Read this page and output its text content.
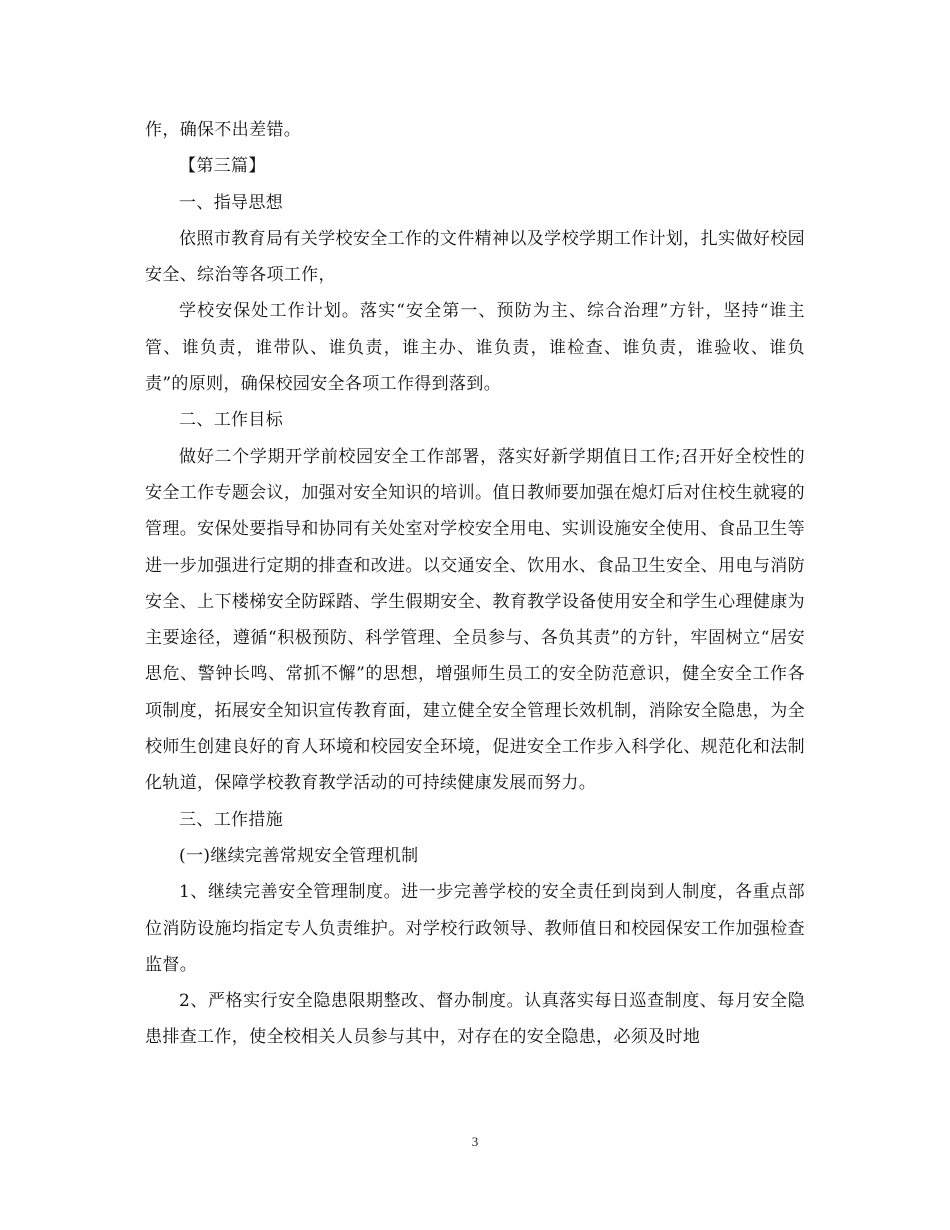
作，确保不出差错。

【第三篇】

一、指导思想

依照市教育局有关学校安全工作的文件精神以及学校学期工作计划，扎实做好校园安全、综治等各项工作，

学校安保处工作计划。落实“安全第一、预防为主、综合治理”方针，坚持“谁主管、谁负责，谁带队、谁负责，谁主办、谁负责，谁检查、谁负责，谁验收、谁负责”的原则，确保校园安全各项工作得到落到。

二、工作目标

做好二个学期开学前校园安全工作部署，落实好新学期值日工作;召开好全校性的安全工作专题会议，加强对安全知识的培训。值日教师要加强在熄灯后对住校生就寝的管理。安保处要指导和协同有关处室对学校安全用电、实训设施安全使用、食品卫生等进一步加强进行定期的排查和改进。以交通安全、饮用水、食品卫生安全、用电与消防安全、上下楼梯安全防踩踏、学生假期安全、教育教学设备使用安全和学生心理健康为主要途径，遵循“积极预防、科学管理、全员参与、各负其责”的方针，牢固树立“居安思危、警钟长鸣、常抓不懈”的思想，增强师生员工的安全防范意识，健全安全工作各项制度，拓展安全知识宣传教育面，建立健全安全管理长效机制，消除安全隐患，为全校师生创建良好的育人环境和校园安全环境，促进安全工作步入科学化、规范化和法制化轨道，保障学校教育教学活动的可持续健康发展而努力。

三、工作措施

(一)继续完善常规安全管理机制

1、继续完善安全管理制度。进一步完善学校的安全责任到岗到人制度，各重点部位消防设施均指定专人负责维护。对学校行政领导、教师值日和校园保安工作加强检查监督。

2、严格实行安全隐患限期整改、督办制度。认真落实每日巡查制度、每月安全隐患排查工作，使全校相关人员参与其中，对存在的安全隐患，必须及时地

3
